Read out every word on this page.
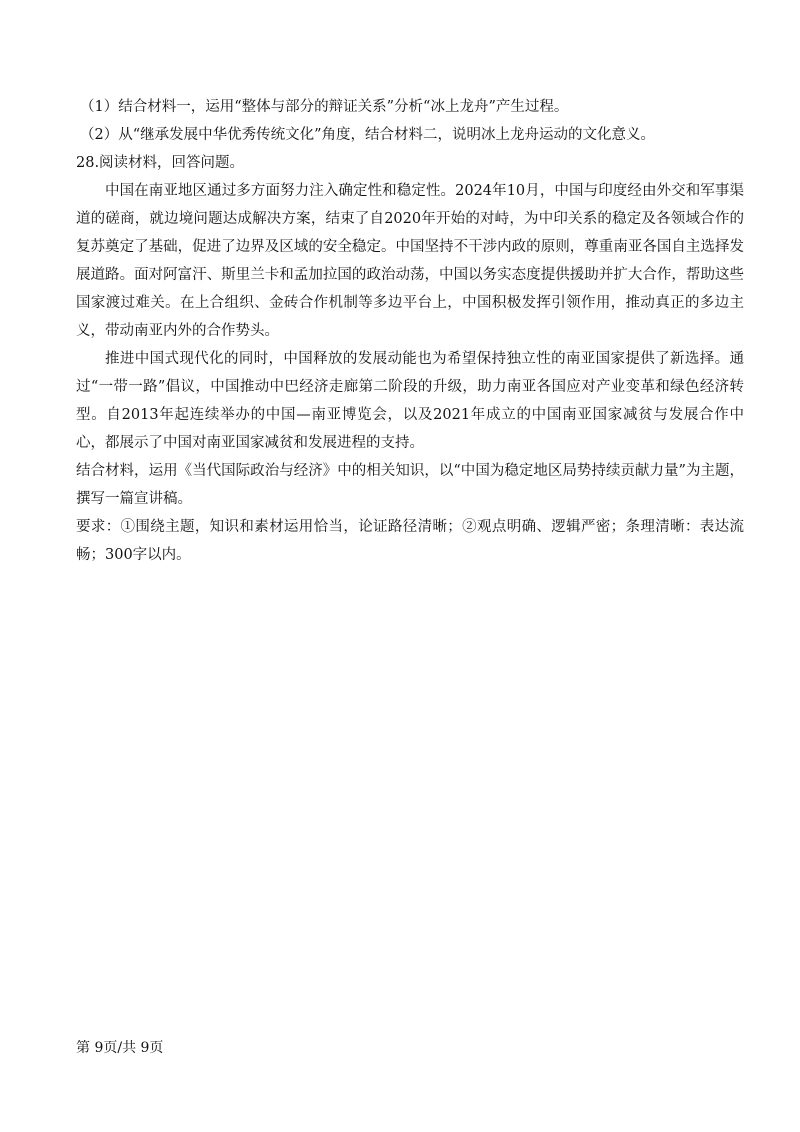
（1）结合材料一，运用“整体与部分的辩证关系”分析“冰上龙舟”产生过程。

（2）从“继承发展中华优秀传统文化”角度，结合材料二，说明冰上龙舟运动的文化意义。

28.阅读材料，回答问题。

中国在南亚地区通过多方面努力注入确定性和稳定性。2024年10月，中国与印度经由外交和军事渠道的磋商，就边境问题达成解决方案，结束了自2020年开始的对峙，为中印关系的稳定及各领域合作的复苏奠定了基础，促进了边界及区域的安全稳定。中国坚持不干涉内政的原则，尊重南亚各国自主选择发展道路。面对阿富汗、斯里兰卡和孟加拉国的政治动荡，中国以务实态度提供援助并扩大合作，帮助这些国家渡过难关。在上合组织、金砖合作机制等多边平台上，中国积极发挥引领作用，推动真正的多边主义，带动南亚内外的合作势头。

推进中国式现代化的同时，中国释放的发展动能也为希望保持独立性的南亚国家提供了新选择。通过“一带一路”倡议，中国推动中巴经济走廊第二阶段的升级，助力南亚各国应对产业变革和绿色经济转型。自2013年起连续举办的中国—南亚博览会，以及2021年成立的中国南亚国家减贫与发展合作中心，都展示了中国对南亚国家减贫和发展进程的支持。

结合材料，运用《当代国际政治与经济》中的相关知识，以“中国为稳定地区局势持续贡献力量”为主题，撰写一篇宣讲稿。

要求：①围绕主题，知识和素材运用恰当，论证路径清晰；②观点明确、逻辑严密；条理清晰：表达流畅；300字以内。

第 9页/共 9页
